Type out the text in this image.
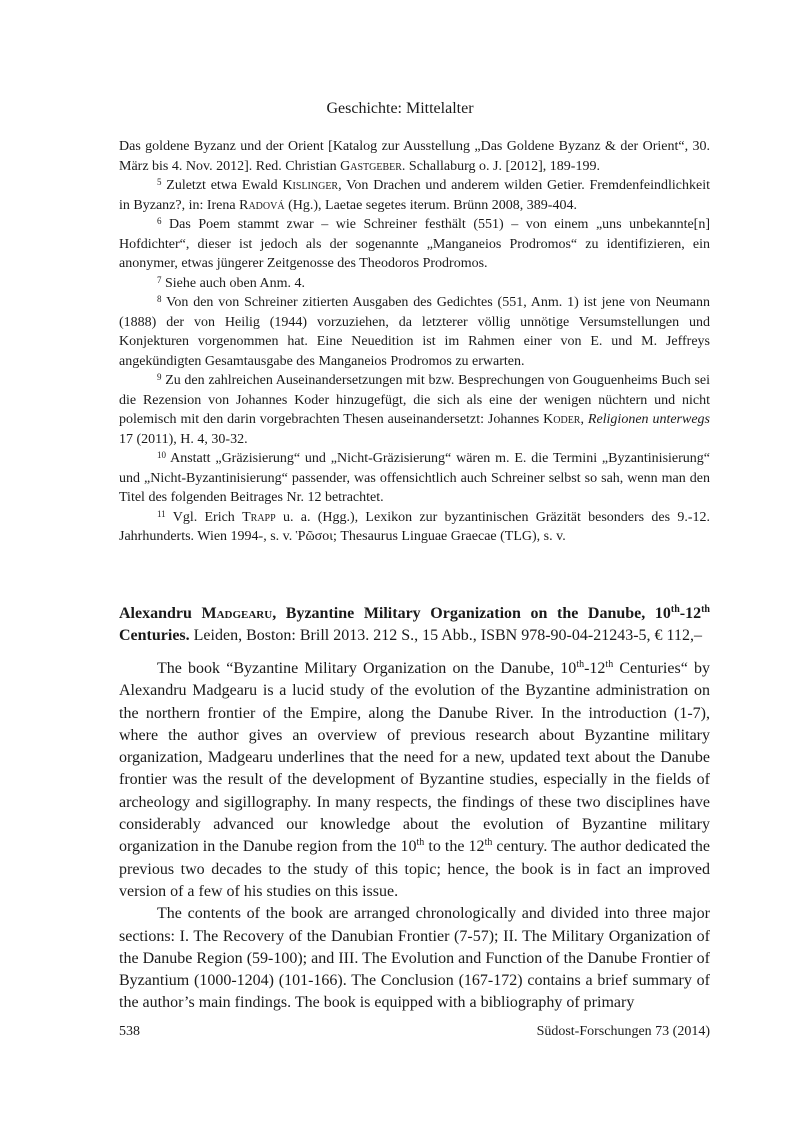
Geschichte: Mittelalter

Das goldene Byzanz und der Orient [Katalog zur Ausstellung „Das Goldene Byzanz & der Orient“, 30. März bis 4. Nov. 2012]. Red. Christian Gastgeber. Schallaburg o. J. [2012], 189-199.

$^5$ Zuletzt etwa Ewald Kislinger, Von Drachen und anderem wilden Getier. Fremdenfeindlichkeit in Byzanz?, in: Irena Radová (Hg.), Laetae segetes iterum. Brünn 2008, 389-404.

$^6$ Das Poem stammt zwar – wie Schreiner festhält (551) – von einem „uns unbekannte[n] Hofdichter“, dieser ist jedoch als der sogenannte „Manganeios Prodromos“ zu identifizieren, ein anonymer, etwas jüngerer Zeitgenosse des Theodoros Prodromos.

$^7$ Siehe auch oben Anm. 4.

$^8$ Von den von Schreiner zitierten Ausgaben des Gedichtes (551, Anm. 1) ist jene von Neumann (1888) der von Heilig (1944) vorzuziehen, da letzterer völlig unnötige Versumstellungen und Konjekturen vorgenommen hat. Eine Neuedition ist im Rahmen einer von E. und M. Jeffreys angekündigten Gesamtausgabe des Manganeios Prodromos zu erwarten.

$^9$ Zu den zahlreichen Auseinandersetzungen mit bzw. Besprechungen von Gouguenheims Buch sei die Rezension von Johannes Koder hinzugefügt, die sich als eine der wenigen nüchtern und nicht polemisch mit den darin vorgebrachten Thesen auseinandersetzt: Johannes Koder, Religionen unterwegs 17 (2011), H. 4, 30-32.

$^{10}$ Anstatt „Gräzisierung“ und „Nicht-Gräzisierung“ wären m. E. die Termini „Byzantinisierung“ und „Nicht-Byzantinisierung“ passender, was offensichtlich auch Schreiner selbst so sah, wenn man den Titel des folgenden Beitrages Nr. 12 betrachtet.

$^{11}$ Vgl. Erich Trapp u. a. (Hgg.), Lexikon zur byzantinischen Gräzität besonders des 9.-12. Jahrhunderts. Wien 1994-, s. v. Ῥῶσοι; Thesaurus Linguae Graecae (TLG), s. v.

Alexandru Madgearu, Byzantine Military Organization on the Danube, 10th-12th Centuries. Leiden, Boston: Brill 2013. 212 S., 15 Abb., ISBN 978-90-04-21243-5, € 112,–

The book “Byzantine Military Organization on the Danube, 10th-12th Centuries“ by Alexandru Madgearu is a lucid study of the evolution of the Byzantine administration on the northern frontier of the Empire, along the Danube River. In the introduction (1-7), where the author gives an overview of previous research about Byzantine military organization, Madgearu underlines that the need for a new, updated text about the Danube frontier was the result of the development of Byzantine studies, especially in the fields of archeology and sigillography. In many respects, the findings of these two disciplines have considerably advanced our knowledge about the evolution of Byzantine military organization in the Danube region from the 10th to the 12th century. The author dedicated the previous two decades to the study of this topic; hence, the book is in fact an improved version of a few of his studies on this issue.

The contents of the book are arranged chronologically and divided into three major sections: I. The Recovery of the Danubian Frontier (7-57); II. The Military Organization of the Danube Region (59-100); and III. The Evolution and Function of the Danube Frontier of Byzantium (1000-1204) (101-166). The Conclusion (167-172) contains a brief summary of the author’s main findings. The book is equipped with a bibliography of primary

538	Südost-Forschungen 73 (2014)
